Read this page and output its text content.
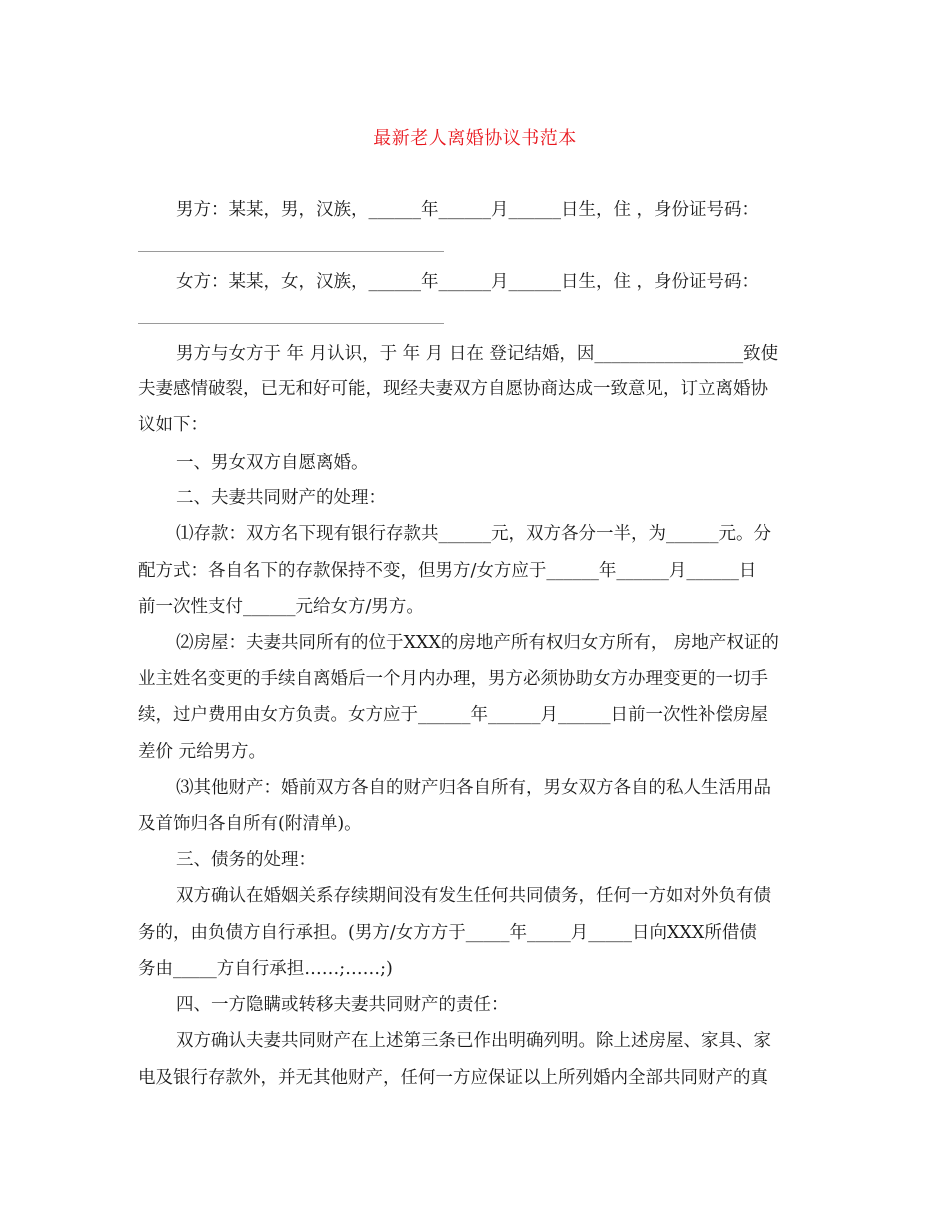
最新老人离婚协议书范本
男方：某某，男，汉族，______年______月______日生，住 ，身份证号码：
女方：某某，女，汉族，______年______月______日生，住 ，身份证号码：
男方与女方于 年 月认识，于 年 月 日在 登记结婚，因_________________致使
夫妻感情破裂，已无和好可能，现经夫妻双方自愿协商达成一致意见，订立离婚协
议如下：
一、男女双方自愿离婚。
二、夫妻共同财产的处理：
⑴存款：双方名下现有银行存款共______元，双方各分一半，为______元。分
配方式：各自名下的存款保持不变，但男方/女方应于______年______月______日
前一次性支付______元给女方/男方。
⑵房屋：夫妻共同所有的位于XXX的房地产所有权归女方所有， 房地产权证的
业主姓名变更的手续自离婚后一个月内办理，男方必须协助女方办理变更的一切手
续，过户费用由女方负责。女方应于______年______月______日前一次性补偿房屋
差价 元给男方。
⑶其他财产：婚前双方各自的财产归各自所有，男女双方各自的私人生活用品
及首饰归各自所有(附清单)。
三、债务的处理：
双方确认在婚姻关系存续期间没有发生任何共同债务，任何一方如对外负有债
务的，由负债方自行承担。(男方/女方方于_____年_____月_____日向XXX所借债
务由_____方自行承担……;……;)
四、一方隐瞒或转移夫妻共同财产的责任：
双方确认夫妻共同财产在上述第三条已作出明确列明。除上述房屋、家具、家
电及银行存款外，并无其他财产，任何一方应保证以上所列婚内全部共同财产的真
